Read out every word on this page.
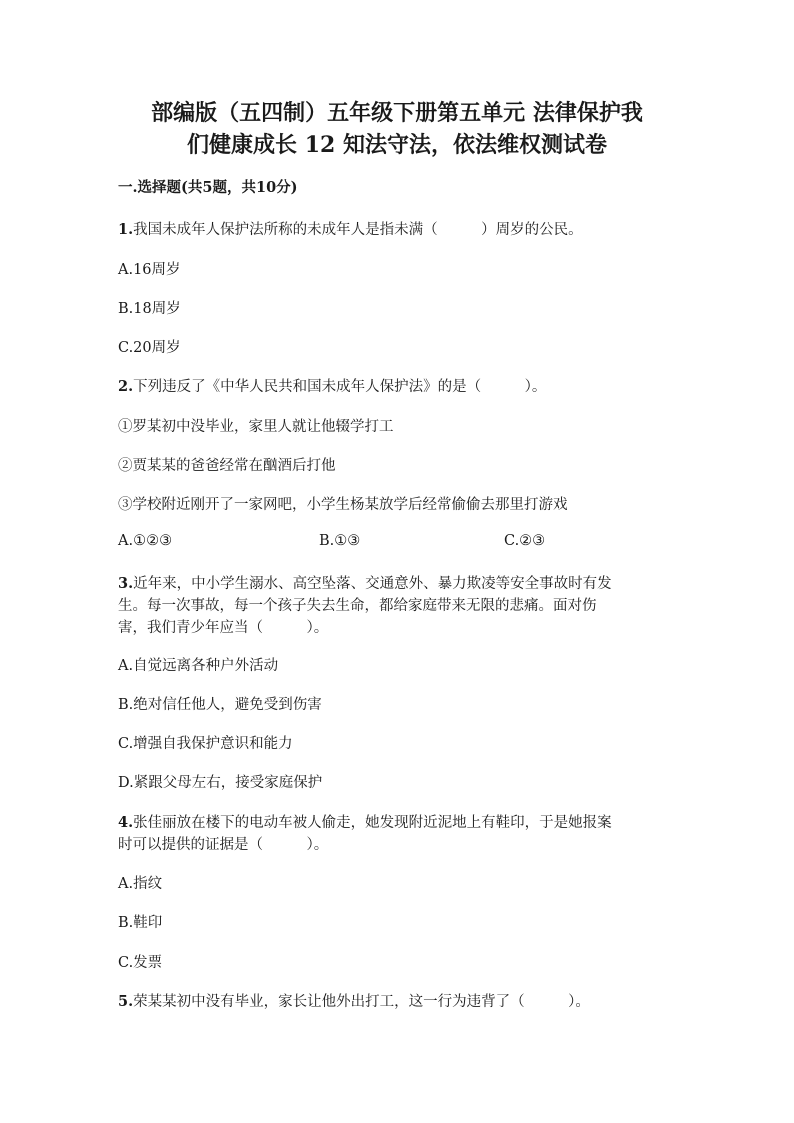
部编版（五四制）五年级下册第五单元 法律保护我
们健康成长 12 知法守法，依法维权测试卷
一.选择题(共5题，共10分)
1.我国未成年人保护法所称的未成年人是指未满（　　　）周岁的公民。
A.16周岁
B.18周岁
C.20周岁
2.下列违反了《中华人民共和国未成年人保护法》的是（　　　）。
①罗某初中没毕业，家里人就让他辍学打工
②贾某某的爸爸经常在酗酒后打他
③学校附近刚开了一家网吧，小学生杨某放学后经常偷偷去那里打游戏
A.①②③	B.①③	C.②③
3.近年来，中小学生溺水、高空坠落、交通意外、暴力欺凌等安全事故时有发
生。每一次事故，每一个孩子失去生命，都给家庭带来无限的悲痛。面对伤
害，我们青少年应当（　　　）。
A.自觉远离各种户外活动
B.绝对信任他人，避免受到伤害
C.增强自我保护意识和能力
D.紧跟父母左右，接受家庭保护
4.张佳丽放在楼下的电动车被人偷走，她发现附近泥地上有鞋印，于是她报案
时可以提供的证据是（　　　）。
A.指纹
B.鞋印
C.发票
5.荣某某初中没有毕业，家长让他外出打工，这一行为违背了（　　　）。
